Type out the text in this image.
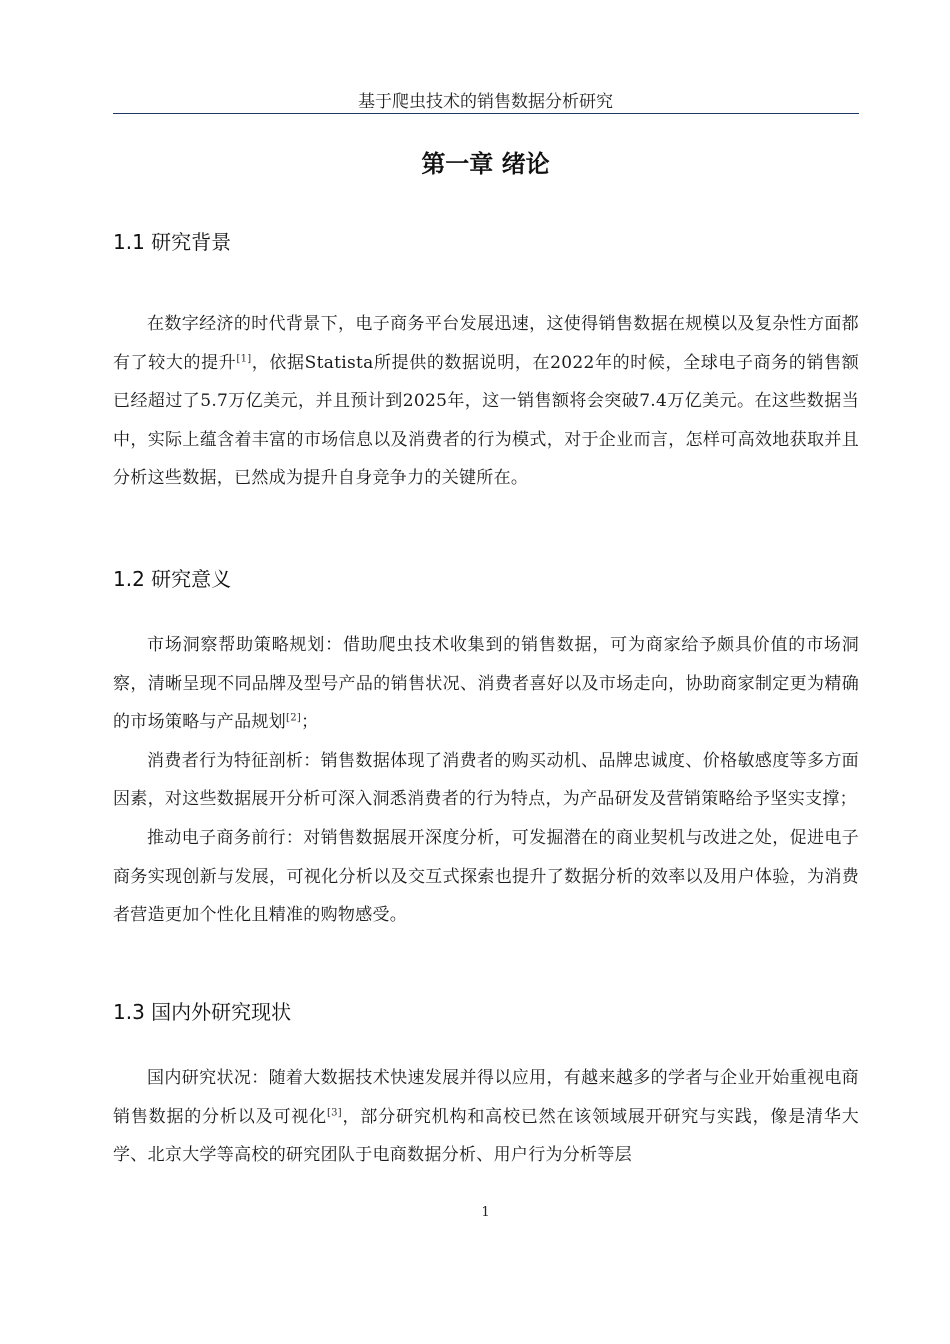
基于爬虫技术的销售数据分析研究
第一章 绪论
1.1 研究背景

在数字经济的时代背景下，电子商务平台发展迅速，这使得销售数据在规模以及复杂性方面都有了较大的提升[1]，依据Statista所提供的数据说明，在2022年的时候，全球电子商务的销售额已经超过了5.7万亿美元，并且预计到2025年，这一销售额将会突破7.4万亿美元。在这些数据当中，实际上蕴含着丰富的市场信息以及消费者的行为模式，对于企业而言，怎样可高效地获取并且分析这些数据，已然成为提升自身竞争力的关键所在。

1.2 研究意义

市场洞察帮助策略规划：借助爬虫技术收集到的销售数据，可为商家给予颇具价值的市场洞察，清晰呈现不同品牌及型号产品的销售状况、消费者喜好以及市场走向，协助商家制定更为精确的市场策略与产品规划[2]；

消费者行为特征剖析：销售数据体现了消费者的购买动机、品牌忠诚度、价格敏感度等多方面因素，对这些数据展开分析可深入洞悉消费者的行为特点，为产品研发及营销策略给予坚实支撑；

推动电子商务前行：对销售数据展开深度分析，可发掘潜在的商业契机与改进之处，促进电子商务实现创新与发展，可视化分析以及交互式探索也提升了数据分析的效率以及用户体验，为消费者营造更加个性化且精准的购物感受。

1.3 国内外研究现状

国内研究状况：随着大数据技术快速发展并得以应用，有越来越多的学者与企业开始重视电商销售数据的分析以及可视化[3]，部分研究机构和高校已然在该领域展开研究与实践，像是清华大学、北京大学等高校的研究团队于电商数据分析、用户行为分析等层

1
